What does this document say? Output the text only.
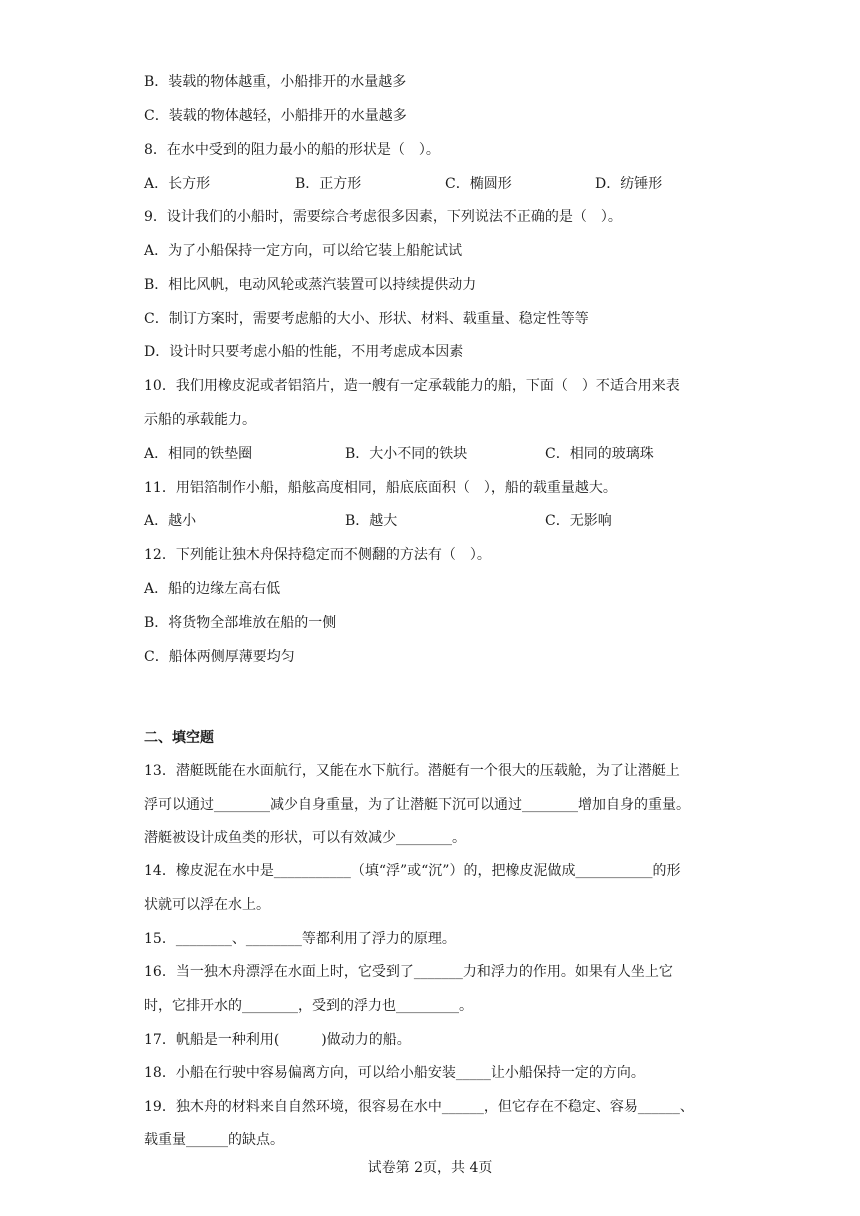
B．装载的物体越重，小船排开的水量越多
C．装载的物体越轻，小船排开的水量越多
8．在水中受到的阻力最小的船的形状是（　）。
A．长方形	B．正方形	C．椭圆形	D．纺锤形
9．设计我们的小船时，需要综合考虑很多因素，下列说法不正确的是（　）。
A．为了小船保持一定方向，可以给它装上船舵试试
B．相比风帆，电动风轮或蒸汽装置可以持续提供动力
C．制订方案时，需要考虑船的大小、形状、材料、载重量、稳定性等等
D．设计时只要考虑小船的性能，不用考虑成本因素
10．我们用橡皮泥或者铝箔片，造一艘有一定承载能力的船，下面（　）不适合用来表
示船的承载能力。
A．相同的铁垫圈	B．大小不同的铁块	C．相同的玻璃珠
11．用铝箔制作小船，船舷高度相同，船底底面积（　），船的载重量越大。
A．越小	B．越大	C．无影响
12．下列能让独木舟保持稳定而不侧翻的方法有（　）。
A．船的边缘左高右低
B．将货物全部堆放在船的一侧
C．船体两侧厚薄要均匀
二、填空题
13．潜艇既能在水面航行，又能在水下航行。潜艇有一个很大的压载舱，为了让潜艇上
浮可以通过________减少自身重量，为了让潜艇下沉可以通过________增加自身的重量。
潜艇被设计成鱼类的形状，可以有效减少________。
14．橡皮泥在水中是___________（填“浮”或“沉”）的，把橡皮泥做成___________的形
状就可以浮在水上。
15．________、________等都利用了浮力的原理。
16．当一独木舟漂浮在水面上时，它受到了_______力和浮力的作用。如果有人坐上它
时，它排开水的________，受到的浮力也_________。
17．帆船是一种利用(　　　)做动力的船。
18．小船在行驶中容易偏离方向，可以给小船安装_____让小船保持一定的方向。
19．独木舟的材料来自自然环境，很容易在水中______，但它存在不稳定、容易______、
载重量______的缺点。
试卷第 2页，共 4页
